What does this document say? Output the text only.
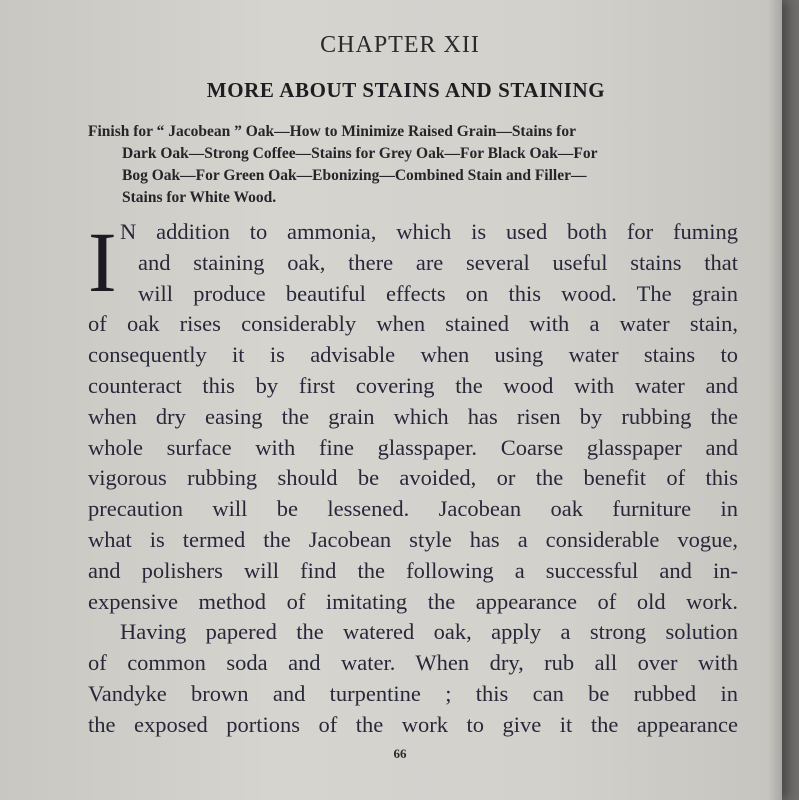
CHAPTER XII
MORE ABOUT STAINS AND STAINING
Finish for “ Jacobean ” Oak—How to Minimize Raised Grain—Stains for
Dark Oak—Strong Coffee—Stains for Grey Oak—For Black Oak—For
Bog Oak—For Green Oak—Ebonizing—Combined Stain and Filler—
Stains for White Wood.
I N addition to ammonia, which is used both for fuming
and staining oak, there are several useful stains that
will produce beautiful effects on this wood. The grain
of oak rises considerably when stained with a water stain,
consequently it is advisable when using water stains to
counteract this by first covering the wood with water and
when dry easing the grain which has risen by rubbing the
whole surface with fine glasspaper. Coarse glasspaper and
vigorous rubbing should be avoided, or the benefit of this
precaution will be lessened. Jacobean oak furniture in
what is termed the Jacobean style has a considerable vogue,
and polishers will find the following a successful and in-
expensive method of imitating the appearance of old work.
Having papered the watered oak, apply a strong solution
of common soda and water. When dry, rub all over with
Vandyke brown and turpentine ; this can be rubbed in
the exposed portions of the work to give it the appearance
66
